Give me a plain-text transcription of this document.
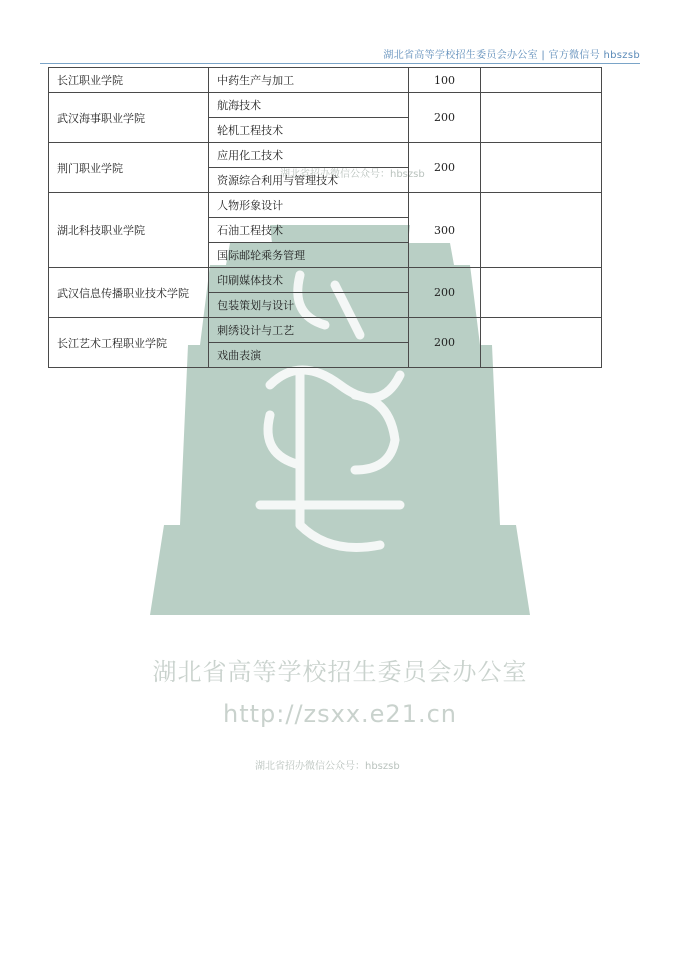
湖北省高等学校招生委员会办公室 | 官方微信号 hbszsb
湖北省招办微信公众号：hbszsb
湖北省高等学校招生委员会办公室
http://zsxx.e21.cn
湖北省招办微信公众号：hbszsb
长江职业学院	中药生产与加工	100	
武汉海事职业学院	航海技术	200	
	轮机工程技术		
荆门职业学院	应用化工技术	200	
	资源综合利用与管理技术		
湖北科技职业学院	人物形象设计	300	
	石油工程技术		
	国际邮轮乘务管理		
武汉信息传播职业技术学院	印刷媒体技术	200	
	包装策划与设计		
长江艺术工程职业学院	刺绣设计与工艺	200	
	戏曲表演		
